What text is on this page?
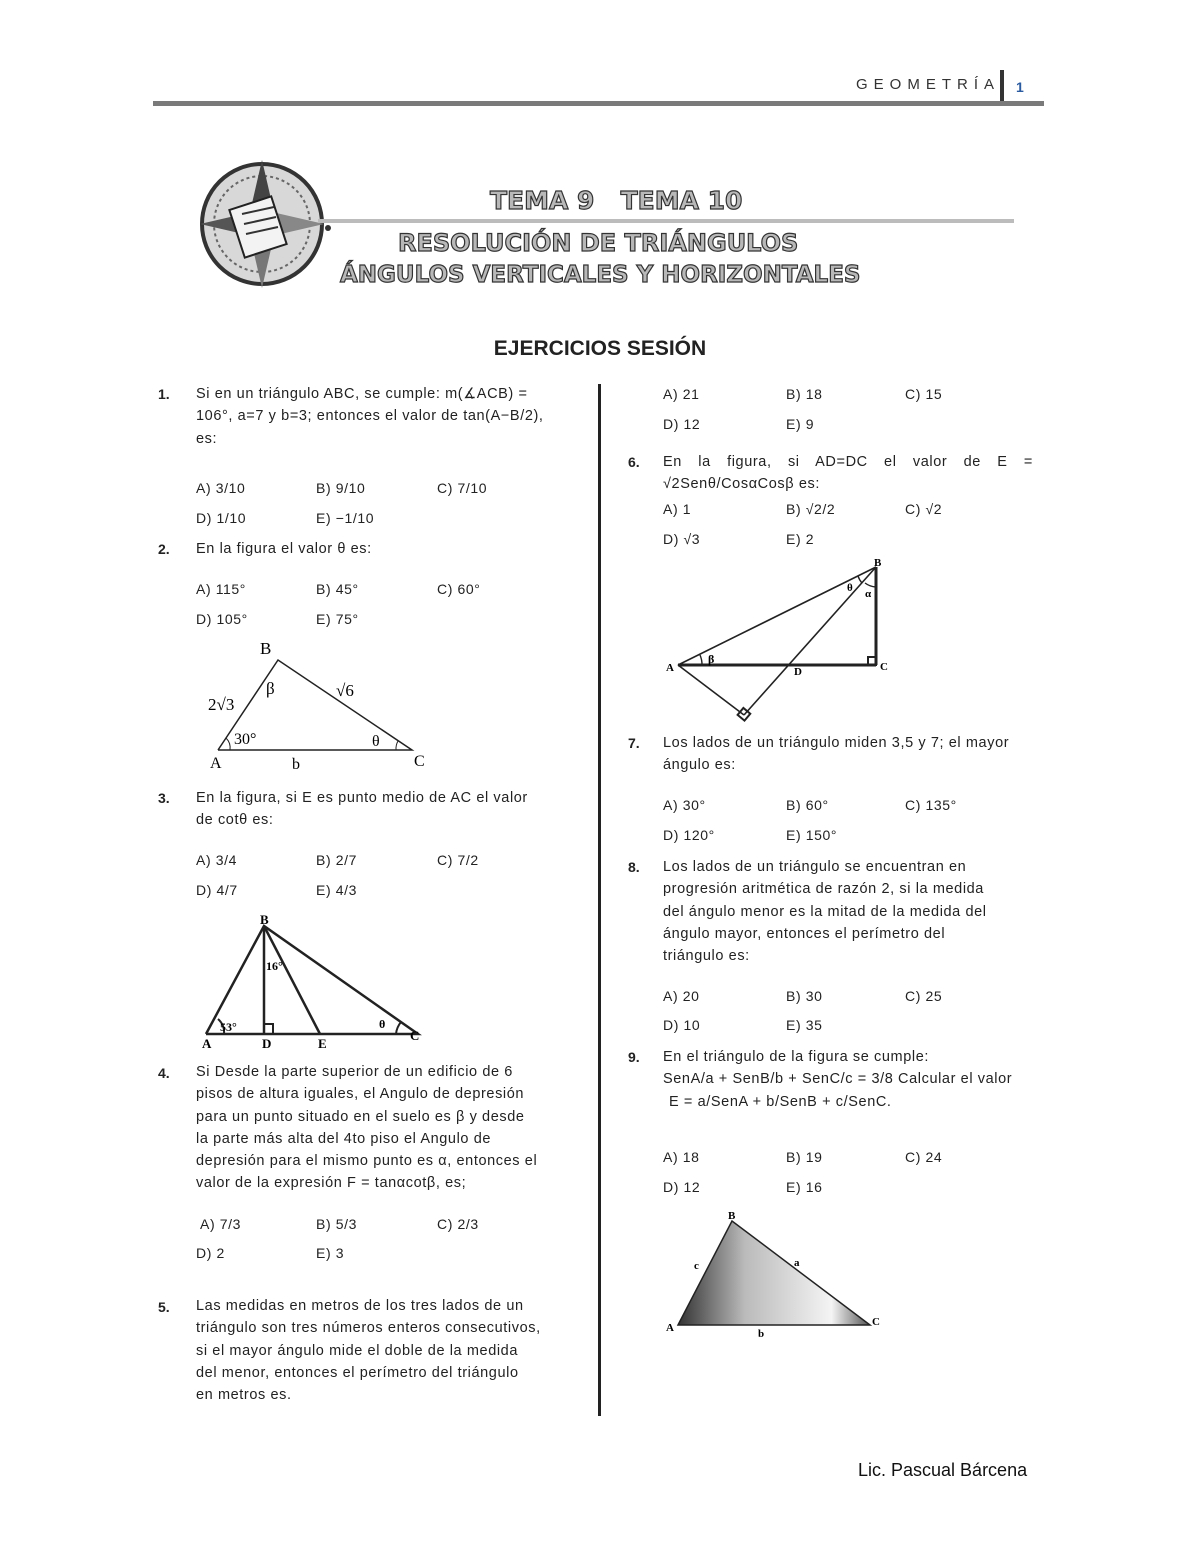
GEOMETRÍA 1
TEMA 9   TEMA 10
RESOLUCIÓN DE TRIÁNGULOS
ÁNGULOS VERTICALES Y HORIZONTALES
EJERCICIOS SESIÓN
1. Si en un triángulo ABC, se cumple: m(∡ACB) =
106°, a=7 y b=3; entonces el valor de tan(A−B/2),
es:
A) 3/10	B) 9/10	C) 7/10
D) 1/10	E) −1/10
2. En la figura el valor θ es:
A) 115°	B) 45°	C) 60°
D) 105°	E) 75°
B
A	C
b
β
θ
2√3
√6
30°
3. En la figura, si E es punto medio de AC el valor
de cotθ es:
A) 3/4	B) 2/7	C) 7/2
D) 4/7	E) 4/3
B
A	D	E
C
16°
53°	θ
4. Si Desde la parte superior de un edificio de 6
pisos de altura iguales, el Angulo de depresión
para un punto situado en el suelo es β y desde
la parte más alta del 4to piso el Angulo de
depresión para el mismo punto es α, entonces el
valor de la expresión F = tanαcotβ, es;
A) 7/3	B) 5/3	C) 2/3
D) 2	E) 3
5. Las medidas en metros de los tres lados de un
triángulo son tres números enteros consecutivos,
si el mayor ángulo mide el doble de la medida
del menor, entonces el perímetro del triángulo
en metros es.
A) 21	B) 18	C) 15
D) 12	E) 9
6. En la figura, si AD=DC el valor de E = √2Senθ/CosαCosβ es:
A) 1	B) √2/2	C) √2
D) √3	E) 2
B
A	D	C
β
θ α
7. Los lados de un triángulo miden 3,5 y 7; el mayor
ángulo es:
A) 30°	B) 60°	C) 135°
D) 120°	E) 150°
8. Los lados de un triángulo se encuentran en
progresión aritmética de razón 2, si la medida
del ángulo menor es la mitad de la medida del
ángulo mayor, entonces el perímetro del
triángulo es:
A) 20	B) 30	C) 25
D) 10	E) 35
9. En el triángulo de la figura se cumple:
SenA/a + SenB/b + SenC/c = 3/8 Calcular el valor
E = a/SenA + b/SenB + c/SenC.
A) 18	B) 19	C) 24
D) 12	E) 16
B
A	C
a
b
c
Lic. Pascual Bárcena
